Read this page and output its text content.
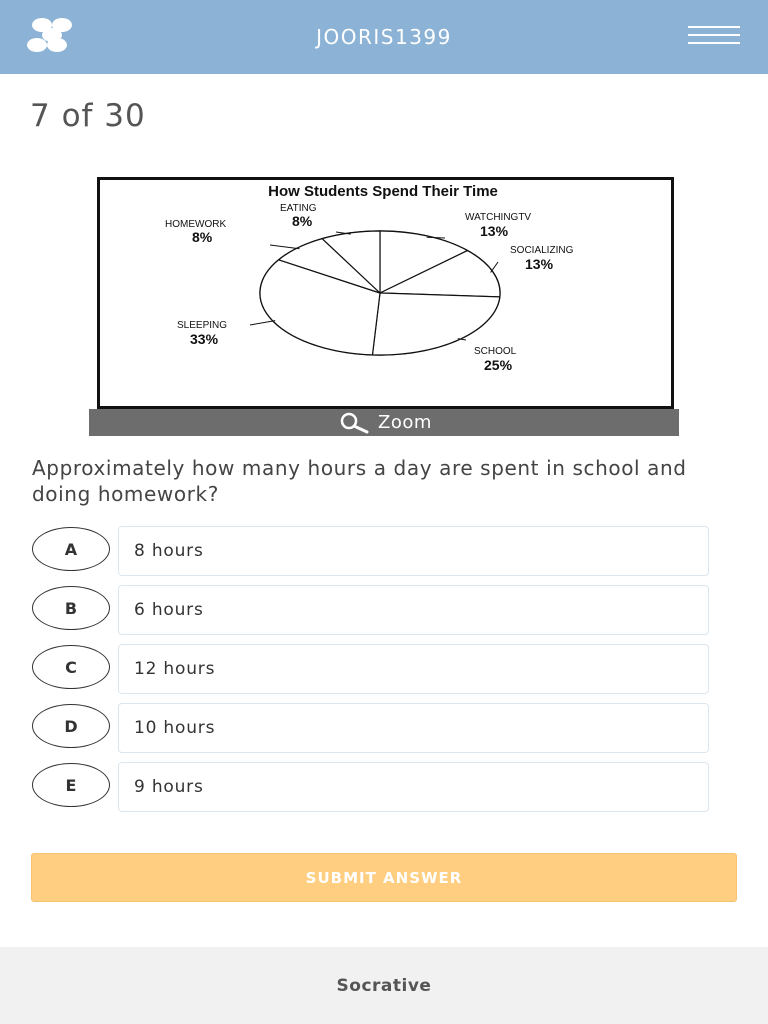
JOORIS1399
7 of 30
How Students Spend Their Time
WATCHINGTV
13%
SOCIALIZING
13%
SCHOOL
25%
SLEEPING
33%
HOMEWORK
8%
EATING
8%
Zoom
Approximately how many hours a day are spent in school and doing homework?
A	8 hours
B	6 hours
C	12 hours
D	10 hours
E	9 hours
SUBMIT ANSWER
Socrative
